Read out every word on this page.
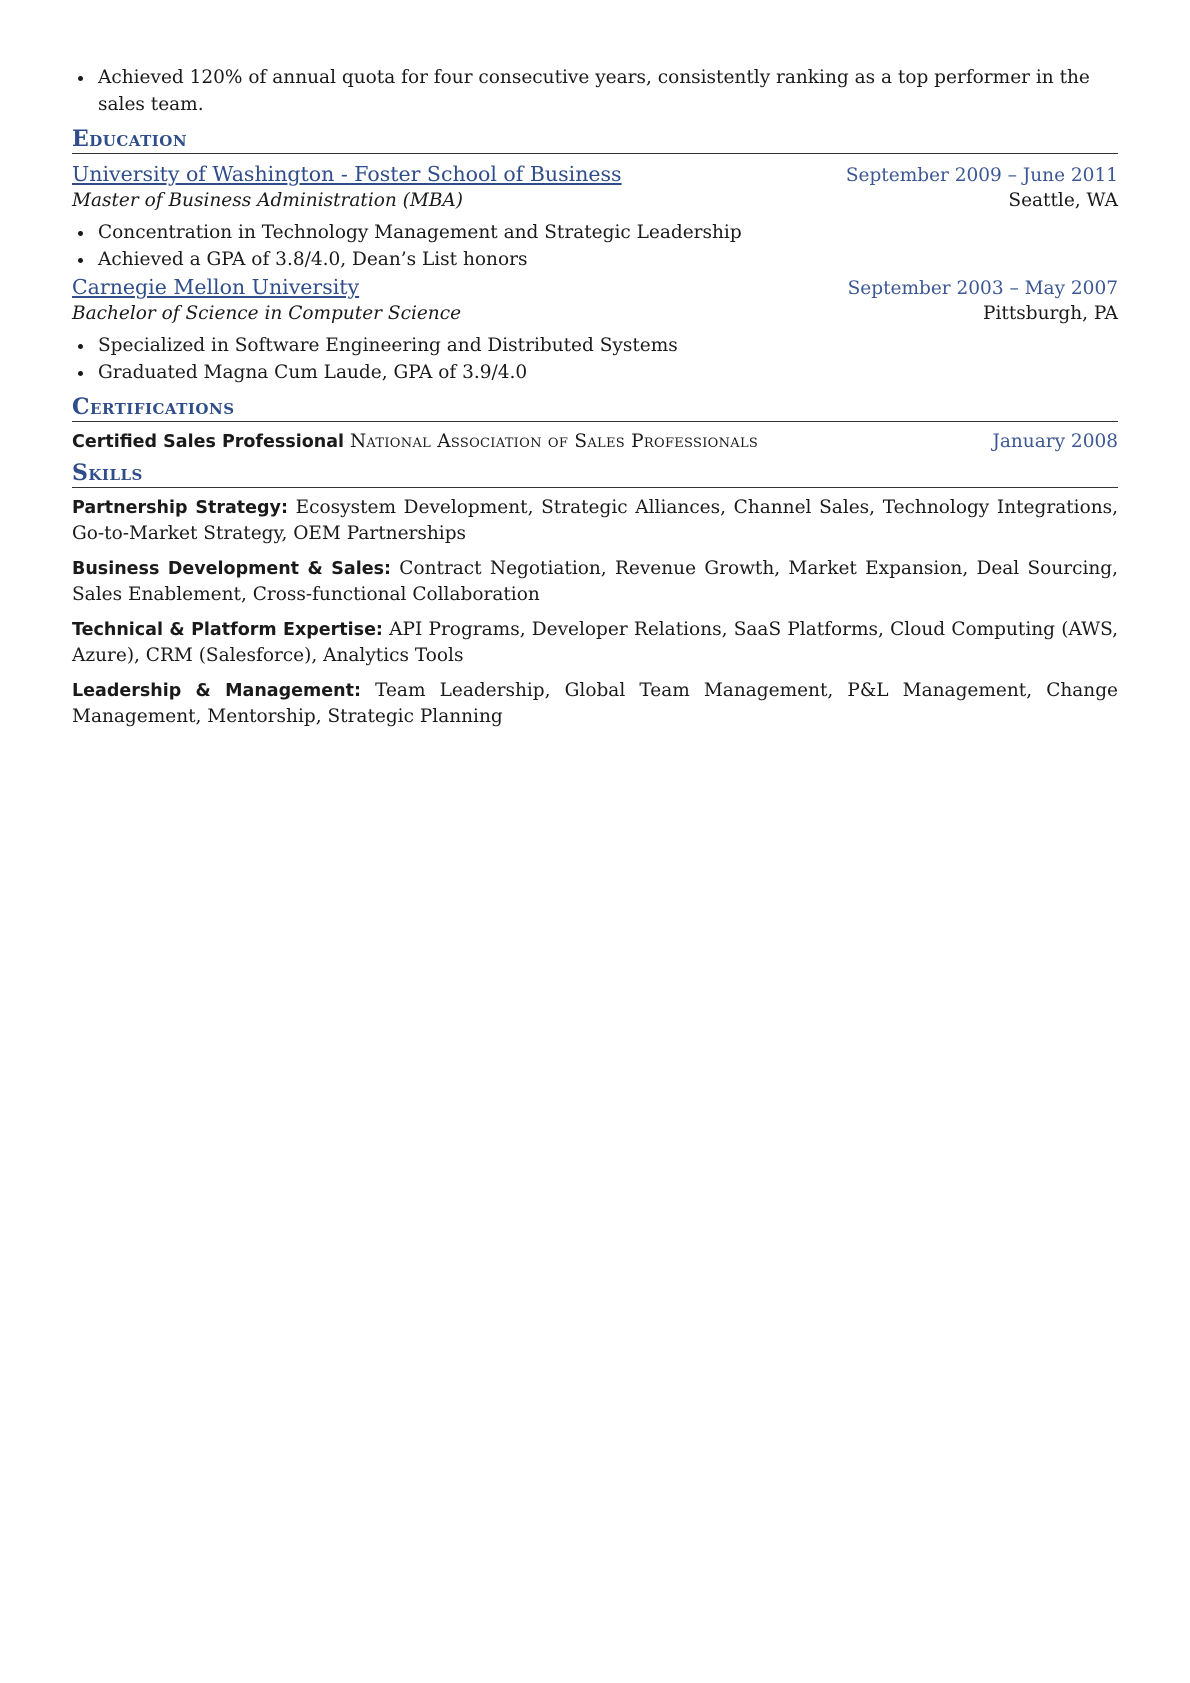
Achieved 120% of annual quota for four consecutive years, consistently ranking as a top performer in the sales team.
Education
University of Washington - Foster School of Business	September 2009 – June 2011
Master of Business Administration (MBA)	Seattle, WA
Concentration in Technology Management and Strategic Leadership
Achieved a GPA of 3.8/4.0, Dean’s List honors
Carnegie Mellon University	September 2003 – May 2007
Bachelor of Science in Computer Science	Pittsburgh, PA
Specialized in Software Engineering and Distributed Systems
Graduated Magna Cum Laude, GPA of 3.9/4.0
Certifications
Certified Sales Professional National Association of Sales Professionals	January 2008
Skills

Partnership Strategy: Ecosystem Development, Strategic Alliances, Channel Sales, Technology Integrations, Go-to-Market Strategy, OEM Partnerships

Business Development & Sales: Contract Negotiation, Revenue Growth, Market Expansion, Deal Sourcing, Sales Enablement, Cross-functional Collaboration

Technical & Platform Expertise: API Programs, Developer Relations, SaaS Platforms, Cloud Computing (AWS, Azure), CRM (Salesforce), Analytics Tools

Leadership & Management: Team Leadership, Global Team Management, P&L Management, Change Management, Mentorship, Strategic Planning
